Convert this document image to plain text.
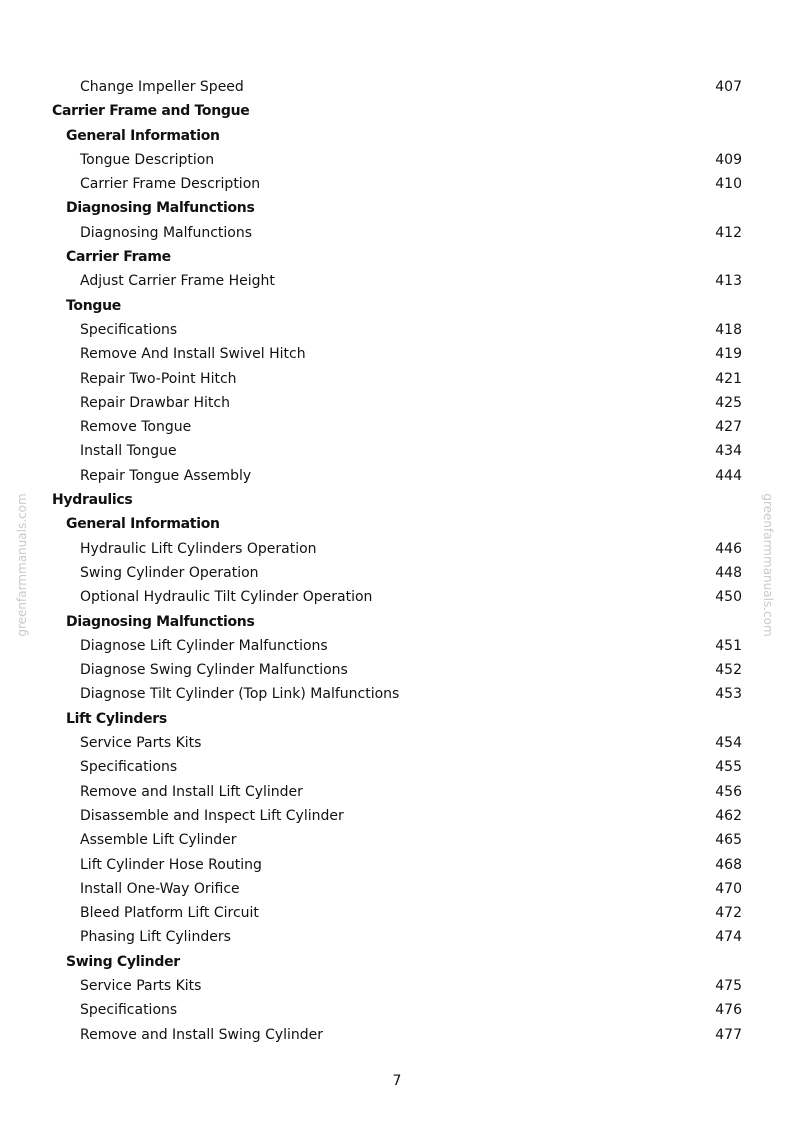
Change Impeller Speed	407
Carrier Frame and Tongue
General Information
Tongue Description	409
Carrier Frame Description	410
Diagnosing Malfunctions
Diagnosing Malfunctions	412
Carrier Frame
Adjust Carrier Frame Height	413
Tongue
Specifications	418
Remove And Install Swivel Hitch	419
Repair Two-Point Hitch	421
Repair Drawbar Hitch	425
Remove Tongue	427
Install Tongue	434
Repair Tongue Assembly	444
Hydraulics
General Information
Hydraulic Lift Cylinders Operation	446
Swing Cylinder Operation	448
Optional Hydraulic Tilt Cylinder Operation	450
Diagnosing Malfunctions
Diagnose Lift Cylinder Malfunctions	451
Diagnose Swing Cylinder Malfunctions	452
Diagnose Tilt Cylinder (Top Link) Malfunctions	453
Lift Cylinders
Service Parts Kits	454
Specifications	455
Remove and Install Lift Cylinder	456
Disassemble and Inspect Lift Cylinder	462
Assemble Lift Cylinder	465
Lift Cylinder Hose Routing	468
Install One-Way Orifice	470
Bleed Platform Lift Circuit	472
Phasing Lift Cylinders	474
Swing Cylinder
Service Parts Kits	475
Specifications	476
Remove and Install Swing Cylinder	477
greenfarmmanuals.com	greenfarmmanuals.com
7
